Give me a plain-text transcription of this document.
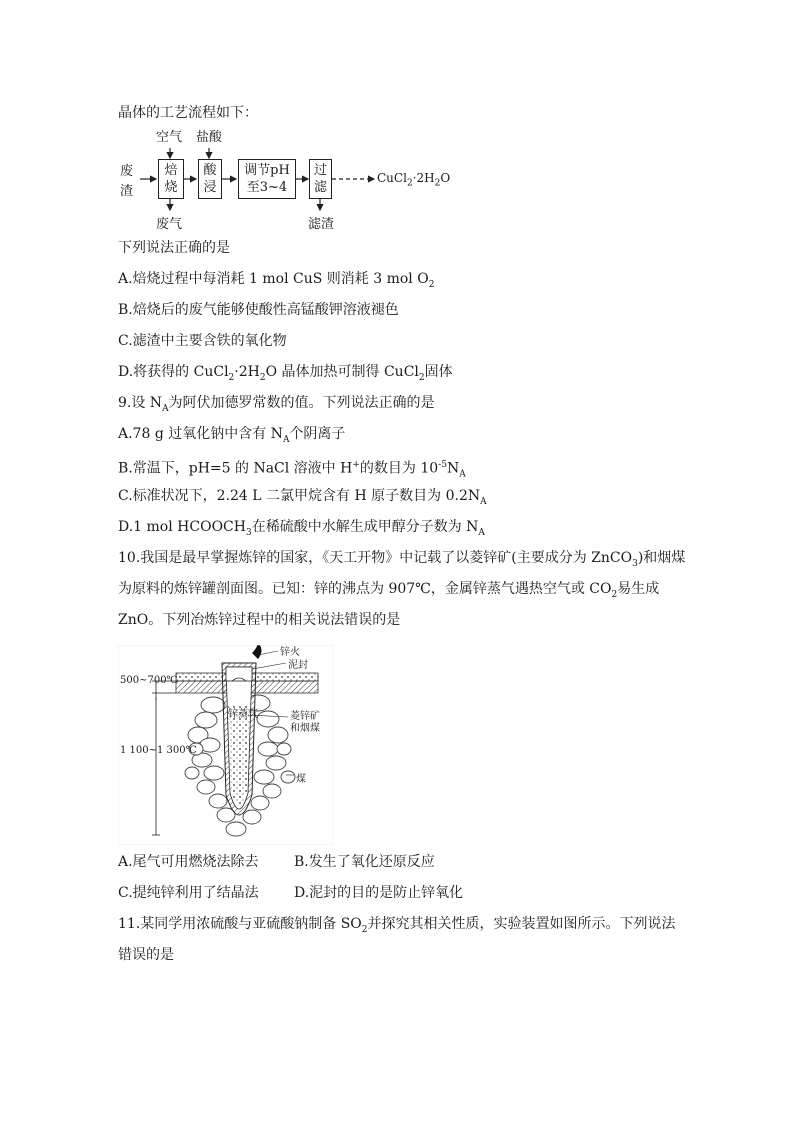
晶体的工艺流程如下：
废
渣
空气 盐酸
焙
烧
酸
浸
调节pH
至3~4
过
滤
$CuCl_2\cdot 2H_2O$
废气	滤渣
下列说法正确的是
A.焙烧过程中每消耗 1 mol CuS 则消耗 3 mol $O_2$
B.焙烧后的废气能够使酸性高锰酸钾溶液褪色
C.滤渣中主要含铁的氧化物
D.将获得的 $CuCl_2\cdot 2H_2O$ 晶体加热可制得 CuCl$_2$固体
9.设 $N_A$为阿伏加德罗常数的值。下列说法正确的是
A.78 g 过氧化钠中含有 $N_A$个阴离子
B.常温下，pH=5 的 NaCl 溶液中 H+的数目为 $10^{-5}N_A$
C.标准状况下，2.24 L 二氯甲烷含有 H 原子数目为 $0.2N_A$
D.1 mol $HCOOCH_3$在稀硫酸中水解生成甲醇分子数为 $N_A$
10.我国是最早掌握炼锌的国家，《天工开物》中记载了以菱锌矿(主要成分为 ZnCO$_3$)和烟煤
为原料的炼锌罐剖面图。已知：锌的沸点为 907℃，金属锌蒸气遇热空气或 $CO_2$易生成
ZnO。下列冶炼锌过程中的相关说法错误的是
锌火
泥封
500~700℃
锌蒸气	菱锌矿
和烟煤
1 100~1 300℃
煤
A.尾气可用燃烧法除去	B.发生了氧化还原反应
C.提纯锌利用了结晶法	D.泥封的目的是防止锌氧化
11.某同学用浓硫酸与亚硫酸钠制备 $SO_2$并探究其相关性质，实验装置如图所示。下列说法
错误的是
